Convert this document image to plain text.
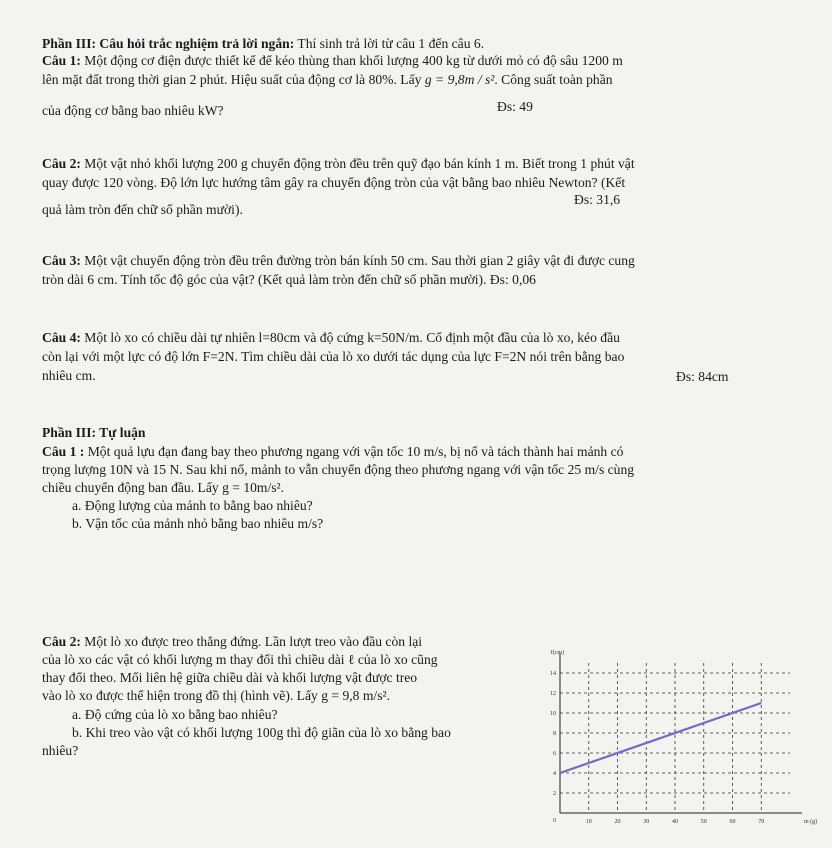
Phần III: Câu hỏi trắc nghiệm trả lời ngắn: Thí sinh trả lời từ câu 1 đến câu 6.
Câu 1: Một động cơ điện được thiết kế để kéo thùng than khối lượng 400 kg từ dưới mỏ có độ sâu 1200 m
lên mặt đất trong thời gian 2 phút. Hiệu suất của động cơ là 80%. Lấy g = 9,8m / s². Công suất toàn phần
của động cơ bằng bao nhiêu kW?	Đs: 49
Câu 2: Một vật nhỏ khối lượng 200 g chuyển động tròn đều trên quỹ đạo bán kính 1 m. Biết trong 1 phút vật
quay được 120 vòng. Độ lớn lực hướng tâm gây ra chuyển động tròn của vật bằng bao nhiêu Newton? (Kết
quả làm tròn đến chữ số phần mười).
Đs: 31,6
Câu 3: Một vật chuyển động tròn đều trên đường tròn bán kính 50 cm. Sau thời gian 2 giây vật đi được cung
tròn dài 6 cm. Tính tốc độ góc của vật? (Kết quả làm tròn đến chữ số phần mười). Đs: 0,06
Câu 4: Một lò xo có chiều dài tự nhiên l=80cm và độ cứng k=50N/m. Cố định một đầu của lò xo, kéo đầu
còn lại với một lực có độ lớn F=2N. Tìm chiều dài của lò xo dưới tác dụng của lực F=2N nói trên bằng bao
nhiêu cm.	Đs: 84cm
Phần III: Tự luận
Câu 1 : Một quả lựu đạn đang bay theo phương ngang với vận tốc 10 m/s, bị nổ và tách thành hai mảnh có
trọng lượng 10N và 15 N. Sau khi nổ, mảnh to vẫn chuyển động theo phương ngang với vận tốc 25 m/s cùng
chiều chuyển động ban đầu. Lấy g = 10m/s².
a. Động lượng của mảnh to bằng bao nhiêu?
b. Vận tốc của mảnh nhỏ bằng bao nhiêu m/s?
Câu 2: Một lò xo được treo thẳng đứng. Lần lượt treo vào đầu còn lại
của lò xo các vật có khối lượng m thay đổi thì chiều dài ℓ của lò xo cũng
thay đổi theo. Mối liên hệ giữa chiều dài và khối lượng vật được treo
vào lò xo được thể hiện trong đồ thị (hình vẽ). Lấy g = 9,8 m/s².
a. Độ cứng của lò xo bằng bao nhiêu?
b. Khi treo vào vật có khối lượng 100g thì độ giãn của lò xo bằng bao
nhiêu?
10	20	30	40	50	60	70
2
4
6
8
10
12
14
0
ℓ(cm)
m (g)
